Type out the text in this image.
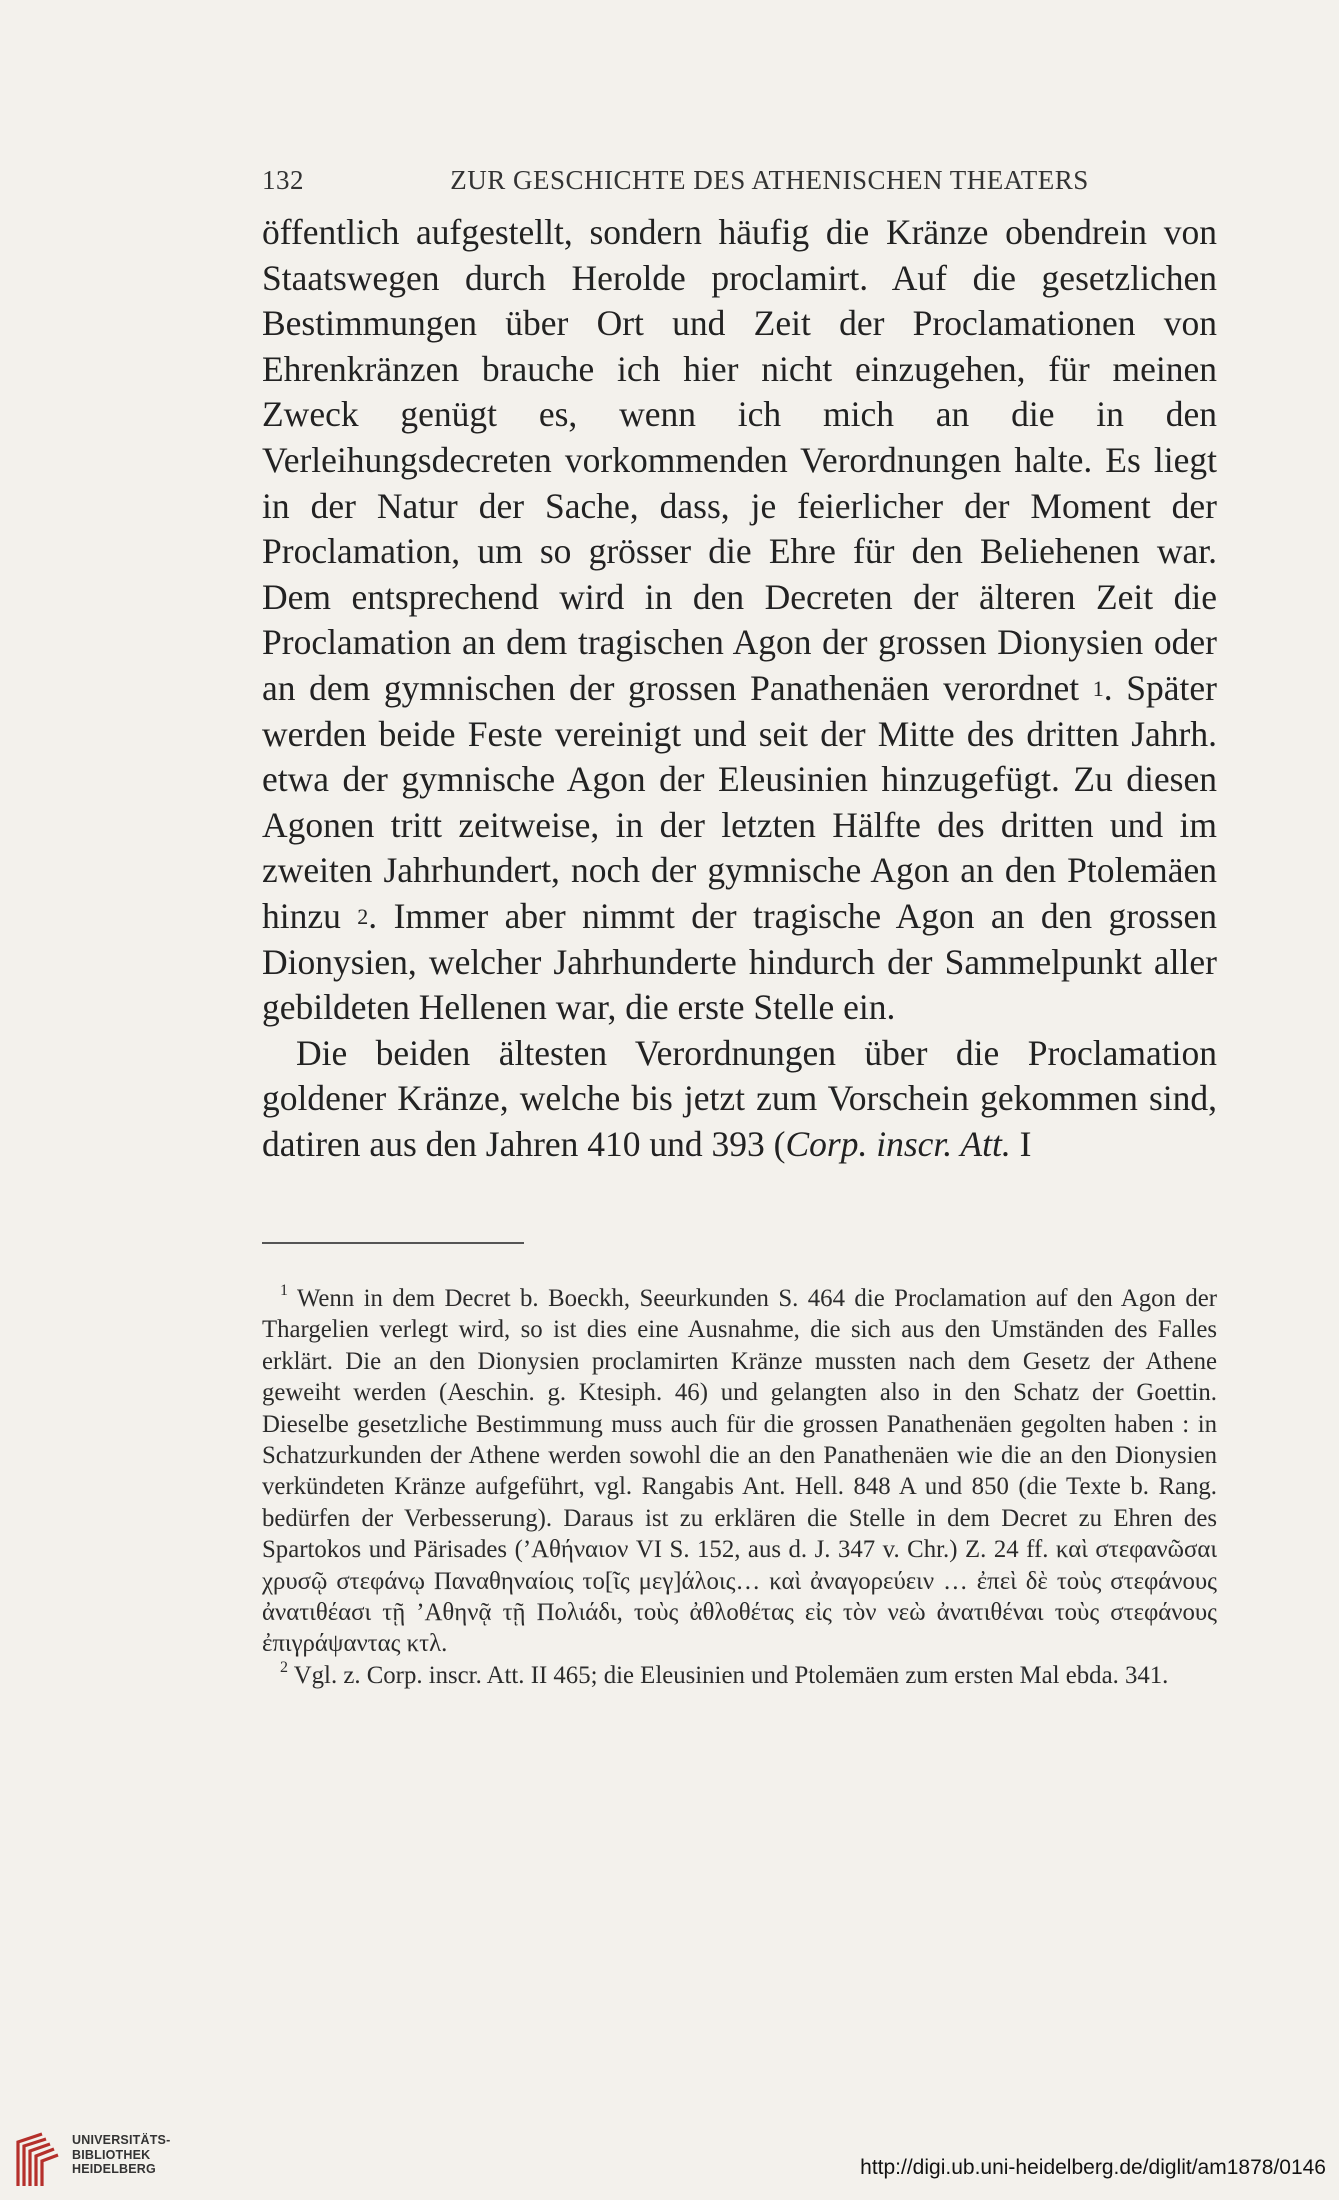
132	ZUR GESCHICHTE DES ATHENISCHEN THEATERS

öffentlich aufgestellt, sondern häufig die Kränze obendrein von Staatswegen durch Herolde proclamirt. Auf die gesetzlichen Bestimmungen über Ort und Zeit der Proclamationen von Ehrenkränzen brauche ich hier nicht einzugehen, für meinen Zweck genügt es, wenn ich mich an die in den Verleihungsdecreten vorkommenden Verordnungen halte. Es liegt in der Natur der Sache, dass, je feierlicher der Moment der Proclamation, um so grösser die Ehre für den Beliehenen war. Dem entsprechend wird in den Decreten der älteren Zeit die Proclamation an dem tragischen Agon der grossen Dionysien oder an dem gymnischen der grossen Panathenäen verordnet $^1$. Später werden beide Feste vereinigt und seit der Mitte des dritten Jahrh. etwa der gymnische Agon der Eleusinien hinzugefügt. Zu diesen Agonen tritt zeitweise, in der letzten Hälfte des dritten und im zweiten Jahrhundert, noch der gymnische Agon an den Ptolemäen hinzu $^2$. Immer aber nimmt der tragische Agon an den grossen Dionysien, welcher Jahrhunderte hindurch der Sammelpunkt aller gebildeten Hellenen war, die erste Stelle ein.

Die beiden ältesten Verordnungen über die Proclamation goldener Kränze, welche bis jetzt zum Vorschein gekommen sind, datiren aus den Jahren 410 und 393 (Corp. inscr. Att. I

$^1$ Wenn in dem Decret b. Boeckh, Seeurkunden S. 464 die Proclamation auf den Agon der Thargelien verlegt wird, so ist dies eine Ausnahme, die sich aus den Umständen des Falles erklärt. Die an den Dionysien proclamirten Kränze mussten nach dem Gesetz der Athene geweiht werden (Aeschin. g. Ktesiph. 46) und gelangten also in den Schatz der Goettin. Dieselbe gesetzliche Bestimmung muss auch für die grossen Panathenäen gegolten haben : in Schatzurkunden der Athene werden sowohl die an den Panathenäen wie die an den Dionysien verkündeten Kränze aufgeführt, vgl. Rangabis Ant. Hell. 848 A und 850 (die Texte b. Rang. bedürfen der Verbesserung). Daraus ist zu erklären die Stelle in dem Decret zu Ehren des Spartokos und Pärisades (’Αθήναιον VI S. 152, aus d. J. 347 v. Chr.) Z. 24 ff. καὶ στεφανῶσαι χρυσῷ στεφάνῳ Παναθηναίοις το[ῖς μεγ]άλοις… καὶ ἀναγορεύειν … ἐπεὶ δὲ τοὺς στεφάνους ἀνατιθέασι τῇ ’Αθηνᾷ τῇ Πολιάδι, τοὺς ἀθλοθέτας εἰς τὸν νεὼ ἀνατιθέναι τοὺς στεφάνους ἐπιγράψαντας κτλ.

$^2$ Vgl. z. Corp. inscr. Att. II 465; die Eleusinien und Ptolemäen zum ersten Mal ebda. 341.

UNIVERSITÄTS-
BIBLIOTHEK
HEIDELBERG	http://digi.ub.uni-heidelberg.de/diglit/am1878/0146
